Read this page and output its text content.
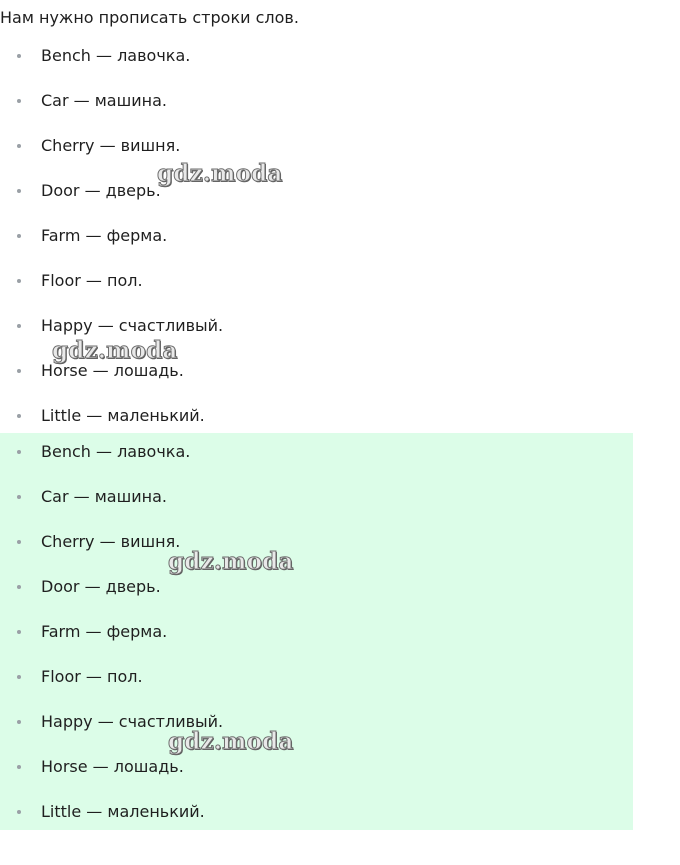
Нам нужно прописать строки слов.

Bench — лавочка.
Car — машина.
Cherry — вишня.
Door — дверь.
Farm — ферма.
Floor — пол.
Happy — счастливый.
Horse — лошадь.
Little — маленький.
Bench — лавочка.
Car — машина.
Cherry — вишня.
Door — дверь.
Farm — ферма.
Floor — пол.
Happy — счастливый.
Horse — лошадь.
Little — маленький.
gdz.moda
gdz.moda
gdz.moda
gdz.moda
